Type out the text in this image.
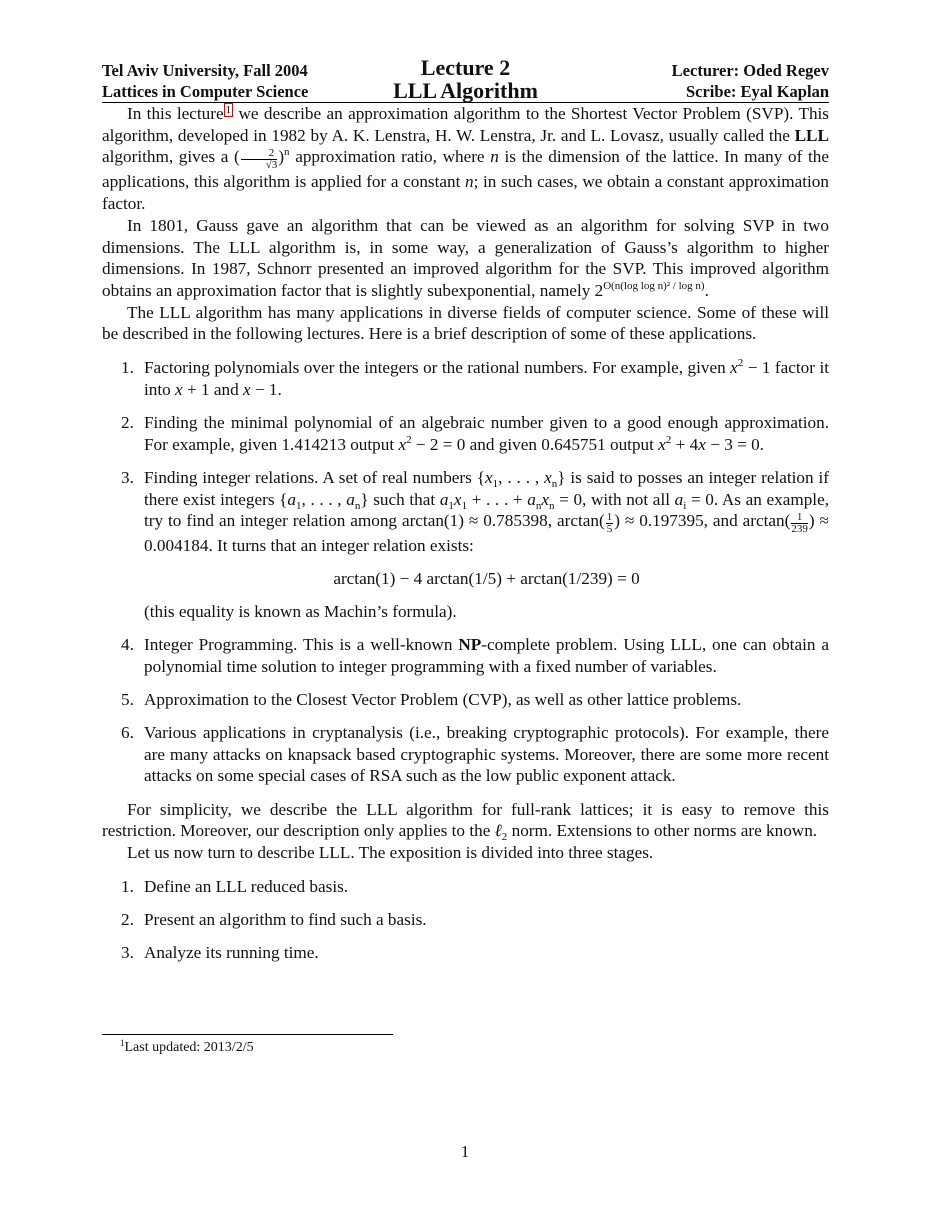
Tel Aviv University, Fall 2004
Lattices in Computer Science
Lecture 2
LLL Algorithm
Lecturer: Oded Regev
Scribe: Eyal Kaplan

In this lecture $^1$ we describe an approximation algorithm to the Shortest Vector Problem (SVP). This algorithm, developed in 1982 by A. K. Lenstra, H. W. Lenstra, Jr. and L. Lovasz, usually called the LLL algorithm, gives a ( $\frac{2}{√3} )^n$ approximation ratio, where n is the dimension of the lattice. In many of the applications, this algorithm is applied for a constant n; in such cases, we obtain a constant approximation factor.

In 1801, Gauss gave an algorithm that can be viewed as an algorithm for solving SVP in two dimensions. The LLL algorithm is, in some way, a generalization of Gauss’s algorithm to higher dimensions. In 1987, Schnorr presented an improved algorithm for the SVP. This improved algorithm obtains an approximation factor that is slightly subexponential, namely $2^{O(n(log log n)^2 / log n)}$.

The LLL algorithm has many applications in diverse fields of computer science. Some of these will be described in the following lectures. Here is a brief description of some of these applications.

1. Factoring polynomials over the integers or the rational numbers. For example, given $x^2 - 1$ factor it into x + 1 and x − 1.
2. Finding the minimal polynomial of an algebraic number given to a good enough approximation. For example, given 1.414213 output $x^2 - 2 = 0$ and given 0.645751 output $x^2 + 4x - 3 = 0$.
3. Finding integer relations. A set of real numbers {$x_1$, . . . , $x_n$} is said to posses an integer relation if there exist integers {$a_1$, . . . , $a_n$} such that $a_1x_1$ + . . . + $a_nx_n = 0$, with not all $a_i = 0$. As an example, try to find an integer relation among arctan(1) ≈ 0.785398, $\arctan( \frac{1}{5}$ ) ≈ 0.197395, and $\arctan( \frac{1}{239}$ ) ≈ 0.004184. It turns that an integer relation exists:
arctan(1) − 4 arctan(1/5) + arctan(1/239) = 0
(this equality is known as Machin’s formula).
4. Integer Programming. This is a well-known NP-complete problem. Using LLL, one can obtain a polynomial time solution to integer programming with a fixed number of variables.
5. Approximation to the Closest Vector Problem (CVP), as well as other lattice problems.
6. Various applications in cryptanalysis (i.e., breaking cryptographic protocols). For example, there are many attacks on knapsack based cryptographic systems. Moreover, there are some more recent attacks on some special cases of RSA such as the low public exponent attack.

For simplicity, we describe the LLL algorithm for full-rank lattices; it is easy to remove this restriction. Moreover, our description only applies to the ℓ$_2$ norm. Extensions to other norms are known.

Let us now turn to describe LLL. The exposition is divided into three stages.

1. Define an LLL reduced basis.
2. Present an algorithm to find such a basis.
3. Analyze its running time.
$^1$Last updated: 2013/2/5
1
